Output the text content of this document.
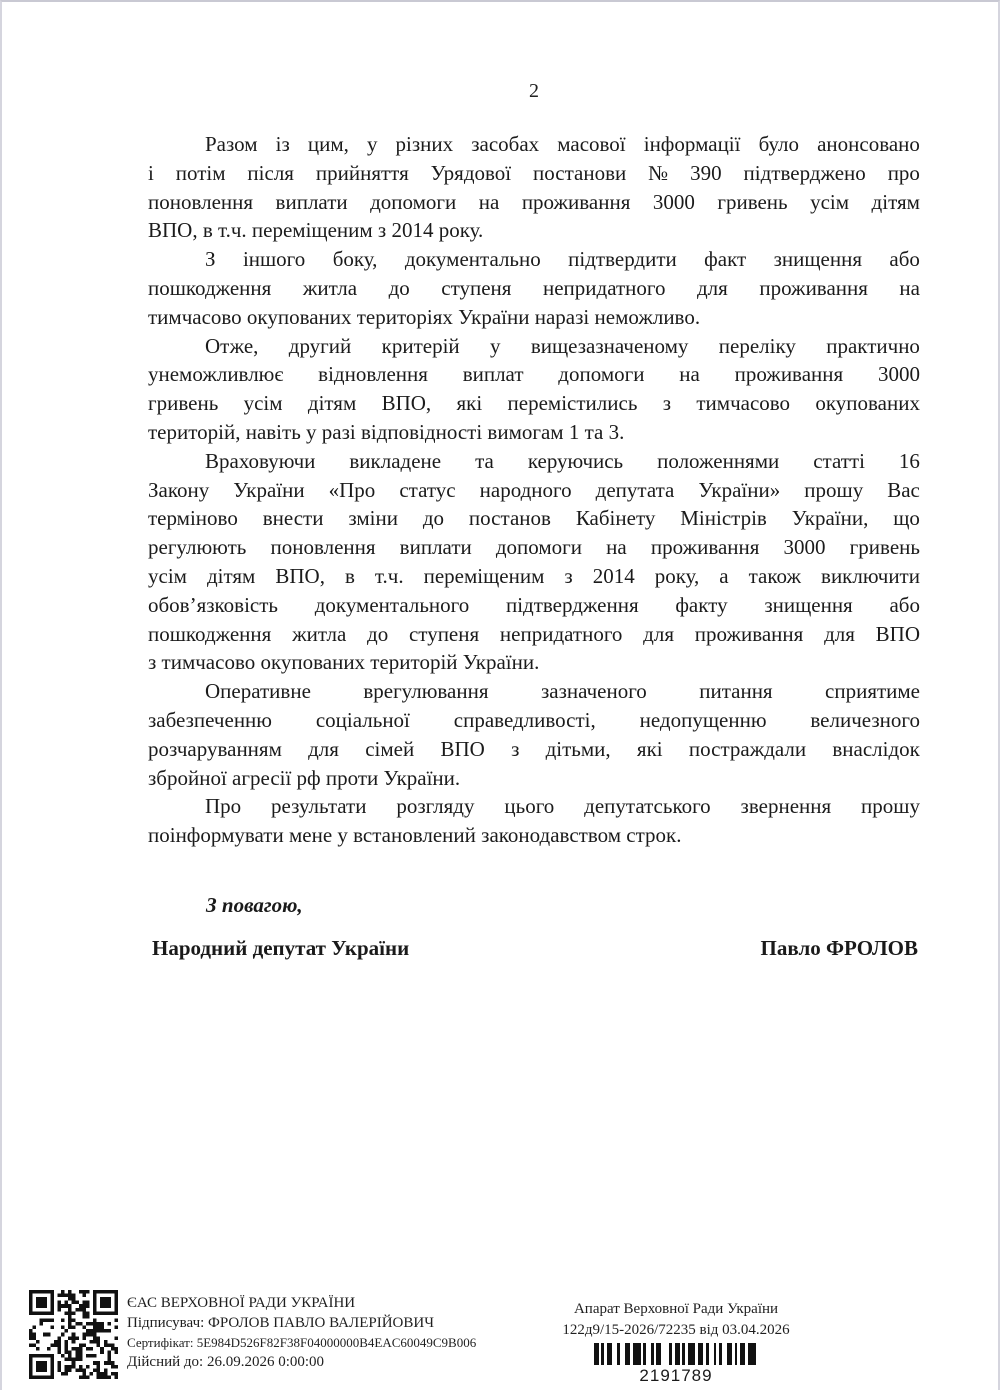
2
Разом із цим, у різних засобах масової інформації було анонсовано
і потім після прийняття Урядової постанови № 390 підтверджено про
поновлення виплати допомоги на проживання 3000 гривень усім дітям
ВПО, в т.ч. переміщеним з 2014 року.
З іншого боку, документально підтвердити факт знищення або
пошкодження житла до ступеня непридатного для проживання на
тимчасово окупованих територіях України наразі неможливо.
Отже, другий критерій у вищезазначеному переліку практично
унеможливлює відновлення виплат допомоги на проживання 3000
гривень усім дітям ВПО, які перемістились з тимчасово окупованих
територій, навіть у разі відповідності вимогам 1 та 3.
Враховуючи викладене та керуючись положеннями статті 16
Закону України «Про статус народного депутата України» прошу Вас
терміново внести зміни до постанов Кабінету Міністрів України, що
регулюють поновлення виплати допомоги на проживання 3000 гривень
усім дітям ВПО, в т.ч. переміщеним з 2014 року, а також виключити
обов’язковість документального підтвердження факту знищення або
пошкодження житла до ступеня непридатного для проживання для ВПО
з тимчасово окупованих територій України.
Оперативне врегулювання зазначеного питання сприятиме
забезпеченню соціальної справедливості, недопущенню величезного
розчаруванням для сімей ВПО з дітьми, які постраждали внаслідок
збройної агресії рф проти України.
Про результати розгляду цього депутатського звернення прошу
поінформувати мене у встановлений законодавством строк.
З повагою,
Народний депутат України	Павло ФРОЛОВ
ЄАС ВЕРХОВНОЇ РАДИ УКРАЇНИ
Підписувач: ФРОЛОВ ПАВЛО ВАЛЕРІЙОВИЧ
Сертифікат: 5E984D526F82F38F04000000B4EAC60049C9B006
Дійсний до: 26.09.2026 0:00:00
Апарат Верховної Ради України
122д9/15-2026/72235 від 03.04.2026
2191789
